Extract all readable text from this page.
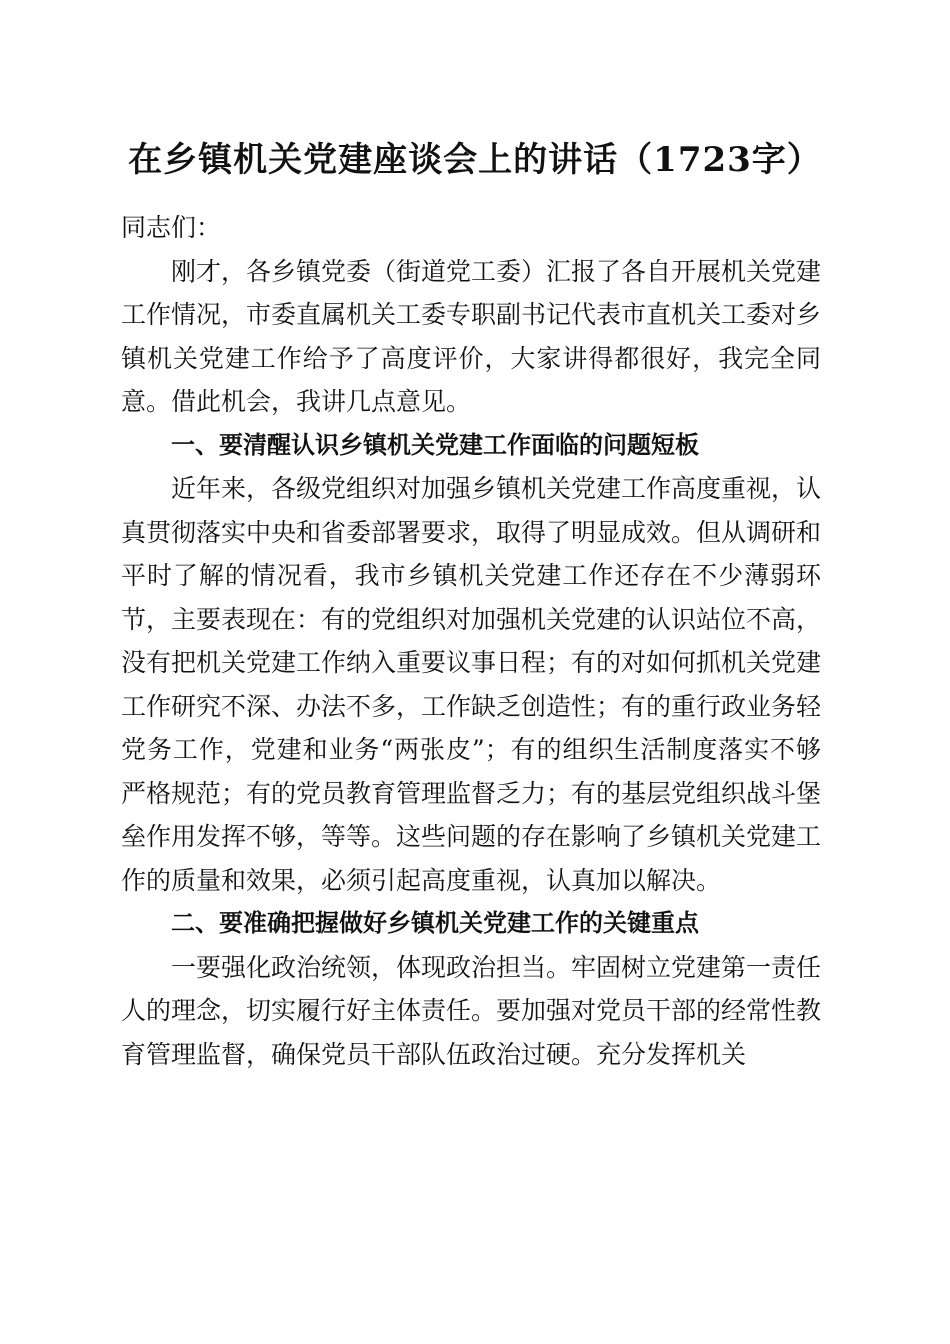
在乡镇机关党建座谈会上的讲话（1723字）

同志们：

刚才，各乡镇党委（街道党工委）汇报了各自开展机关党建工作情况，市委直属机关工委专职副书记代表市直机关工委对乡镇机关党建工作给予了高度评价，大家讲得都很好，我完全同意。借此机会，我讲几点意见。

一、要清醒认识乡镇机关党建工作面临的问题短板

近年来，各级党组织对加强乡镇机关党建工作高度重视，认真贯彻落实中央和省委部署要求，取得了明显成效。但从调研和平时了解的情况看，我市乡镇机关党建工作还存在不少薄弱环节，主要表现在：有的党组织对加强机关党建的认识站位不高，没有把机关党建工作纳入重要议事日程；有的对如何抓机关党建工作研究不深、办法不多，工作缺乏创造性；有的重行政业务轻党务工作，党建和业务“两张皮”；有的组织生活制度落实不够严格规范；有的党员教育管理监督乏力；有的基层党组织战斗堡垒作用发挥不够，等等。这些问题的存在影响了乡镇机关党建工作的质量和效果，必须引起高度重视，认真加以解决。

二、要准确把握做好乡镇机关党建工作的关键重点

一要强化政治统领，体现政治担当。牢固树立党建第一责任人的理念，切实履行好主体责任。要加强对党员干部的经常性教育管理监督，确保党员干部队伍政治过硬。充分发挥机关
